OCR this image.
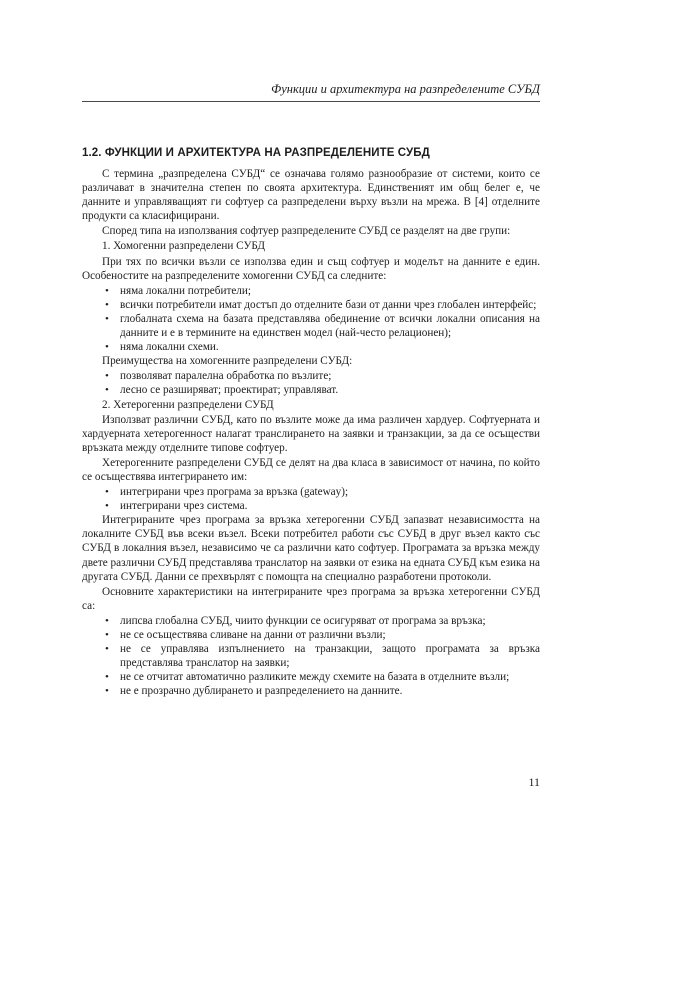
Функции и архитектура на разпределените СУБД
1.2. ФУНКЦИИ И АРХИТЕКТУРА НА РАЗПРЕДЕЛЕНИТЕ СУБД

С термина „разпределена СУБД“ се означава голямо разнообразие от системи, които се различават в значителна степен по своята архитектура. Единственият им общ белег е, че данните и управляващият ги софтуер са разпределени върху възли на мрежа. В [4] отделните продукти са класифицирани.

Според типа на използвания софтуер разпределените СУБД се разделят на две групи:

1. Хомогенни разпределени СУБД

При тях по всички възли се използва един и същ софтуер и моделът на данните е един. Особеностите на разпределените хомогенни СУБД са следните:

• няма локални потребители;
• всички потребители имат достъп до отделните бази от данни чрез глобален интерфейс;
• глобалната схема на базата представлява обединение от всички локални описания на данните и е в термините на единствен модел (най-често релационен);
• няма локални схеми.

Преимущества на хомогенните разпределени СУБД:

• позволяват паралелна обработка по възлите;
• лесно се разширяват; проектират; управляват.

2. Хетерогенни разпределени СУБД

Използват различни СУБД, като по възлите може да има различен хардуер. Софтуерната и хардуерната хетерогенност налагат транслирането на заявки и транзакции, за да се осъществи връзката между отделните типове софтуер.

Хетерогенните разпределени СУБД се делят на два класа в зависимост от начина, по който се осъществява интегрирането им:

• интегрирани чрез програма за връзка (gateway);
• интегрирани чрез система.

Интегрираните чрез програма за връзка хетерогенни СУБД запазват независимостта на локалните СУБД във всеки възел. Всеки потребител работи със СУБД в друг възел както със СУБД в локалния възел, независимо че са различни като софтуер. Програмата за връзка между двете различни СУБД представлява транслатор на заявки от езика на едната СУБД към езика на другата СУБД. Данни се прехвърлят с помощта на специално разработени протоколи.

Основните характеристики на интегрираните чрез програма за връзка хетерогенни СУБД са:

• липсва глобална СУБД, чиито функции се осигуряват от програма за връзка;
• не се осъществява сливане на данни от различни възли;
• не се управлява изпълнението на транзакции, защото програмата за връзка представлява транслатор на заявки;
• не се отчитат автоматично разликите между схемите на базата в отделните възли;
• не е прозрачно дублирането и разпределението на данните.
11
